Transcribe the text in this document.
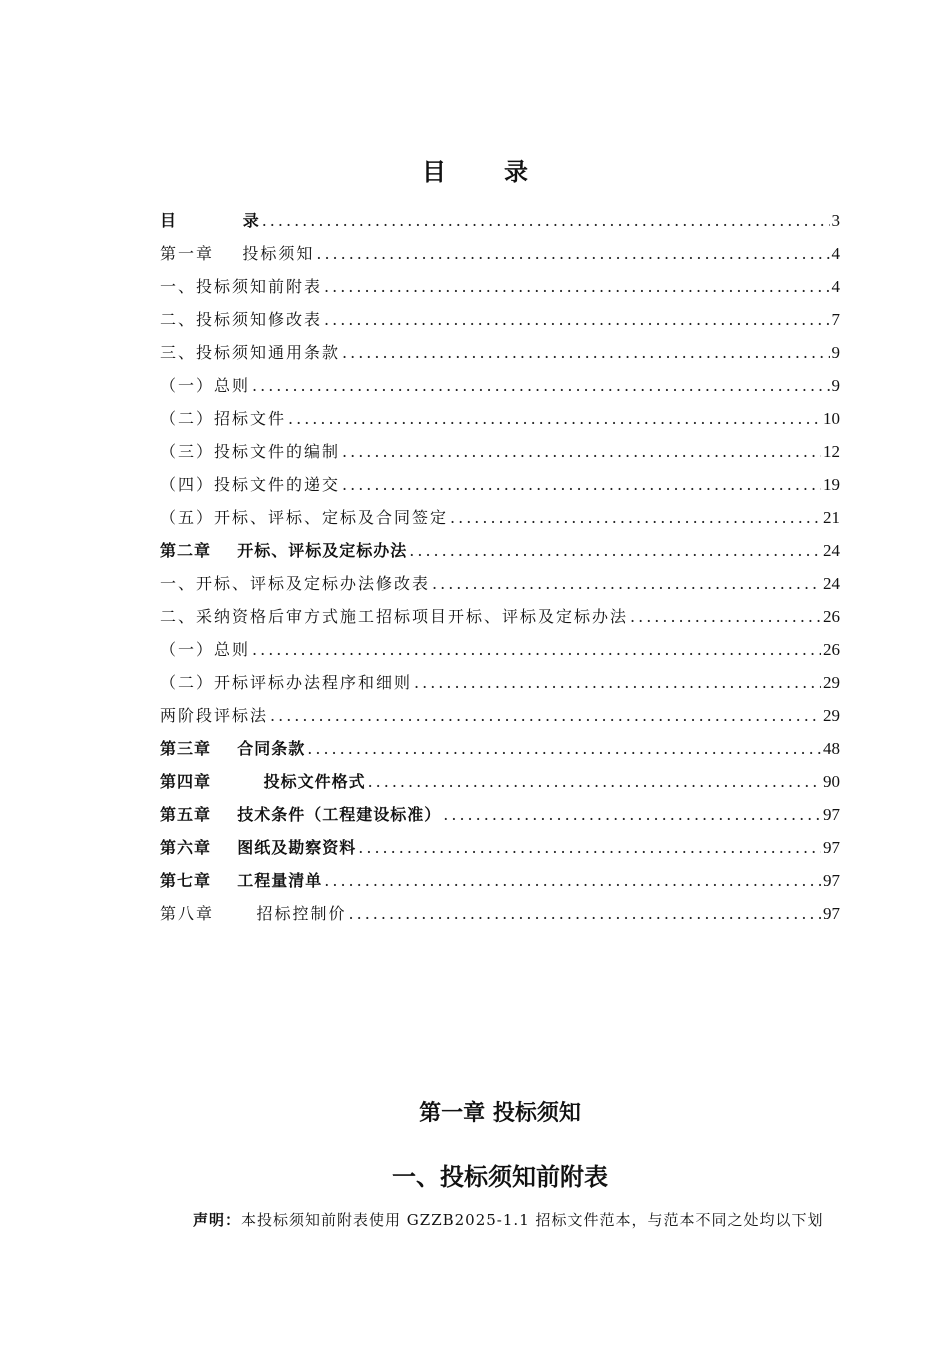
目 录
目          录 .....	3
第一章    投标须知 .....	4
一、投标须知前附表 .....	4
二、投标须知修改表 .....	7
三、投标须知通用条款 .....	9
（一）总则 .....	9
（二）招标文件 .....	10
（三）投标文件的编制 .....	12
（四）投标文件的递交 .....	19
（五）开标、评标、定标及合同签定 .....	21
第二章    开标、评标及定标办法 .....	24
一、开标、评标及定标办法修改表 .....	24
二、采纳资格后审方式施工招标项目开标、评标及定标办法 .....	26
（一）总则 .....	26
（二）开标评标办法程序和细则 .....	29
两阶段评标法 .....	29
第三章    合同条款 .....	48
第四章        投标文件格式 .....	90
第五章    技术条件（工程建设标准） .....	97
第六章    图纸及勘察资料 .....	97
第七章    工程量清单 .....	97
第八章      招标控制价 .....	97
第一章 投标须知
一、投标须知前附表
声明：本投标须知前附表使用 GZZB2025-1.1 招标文件范本，与范本不同之处均以下划
